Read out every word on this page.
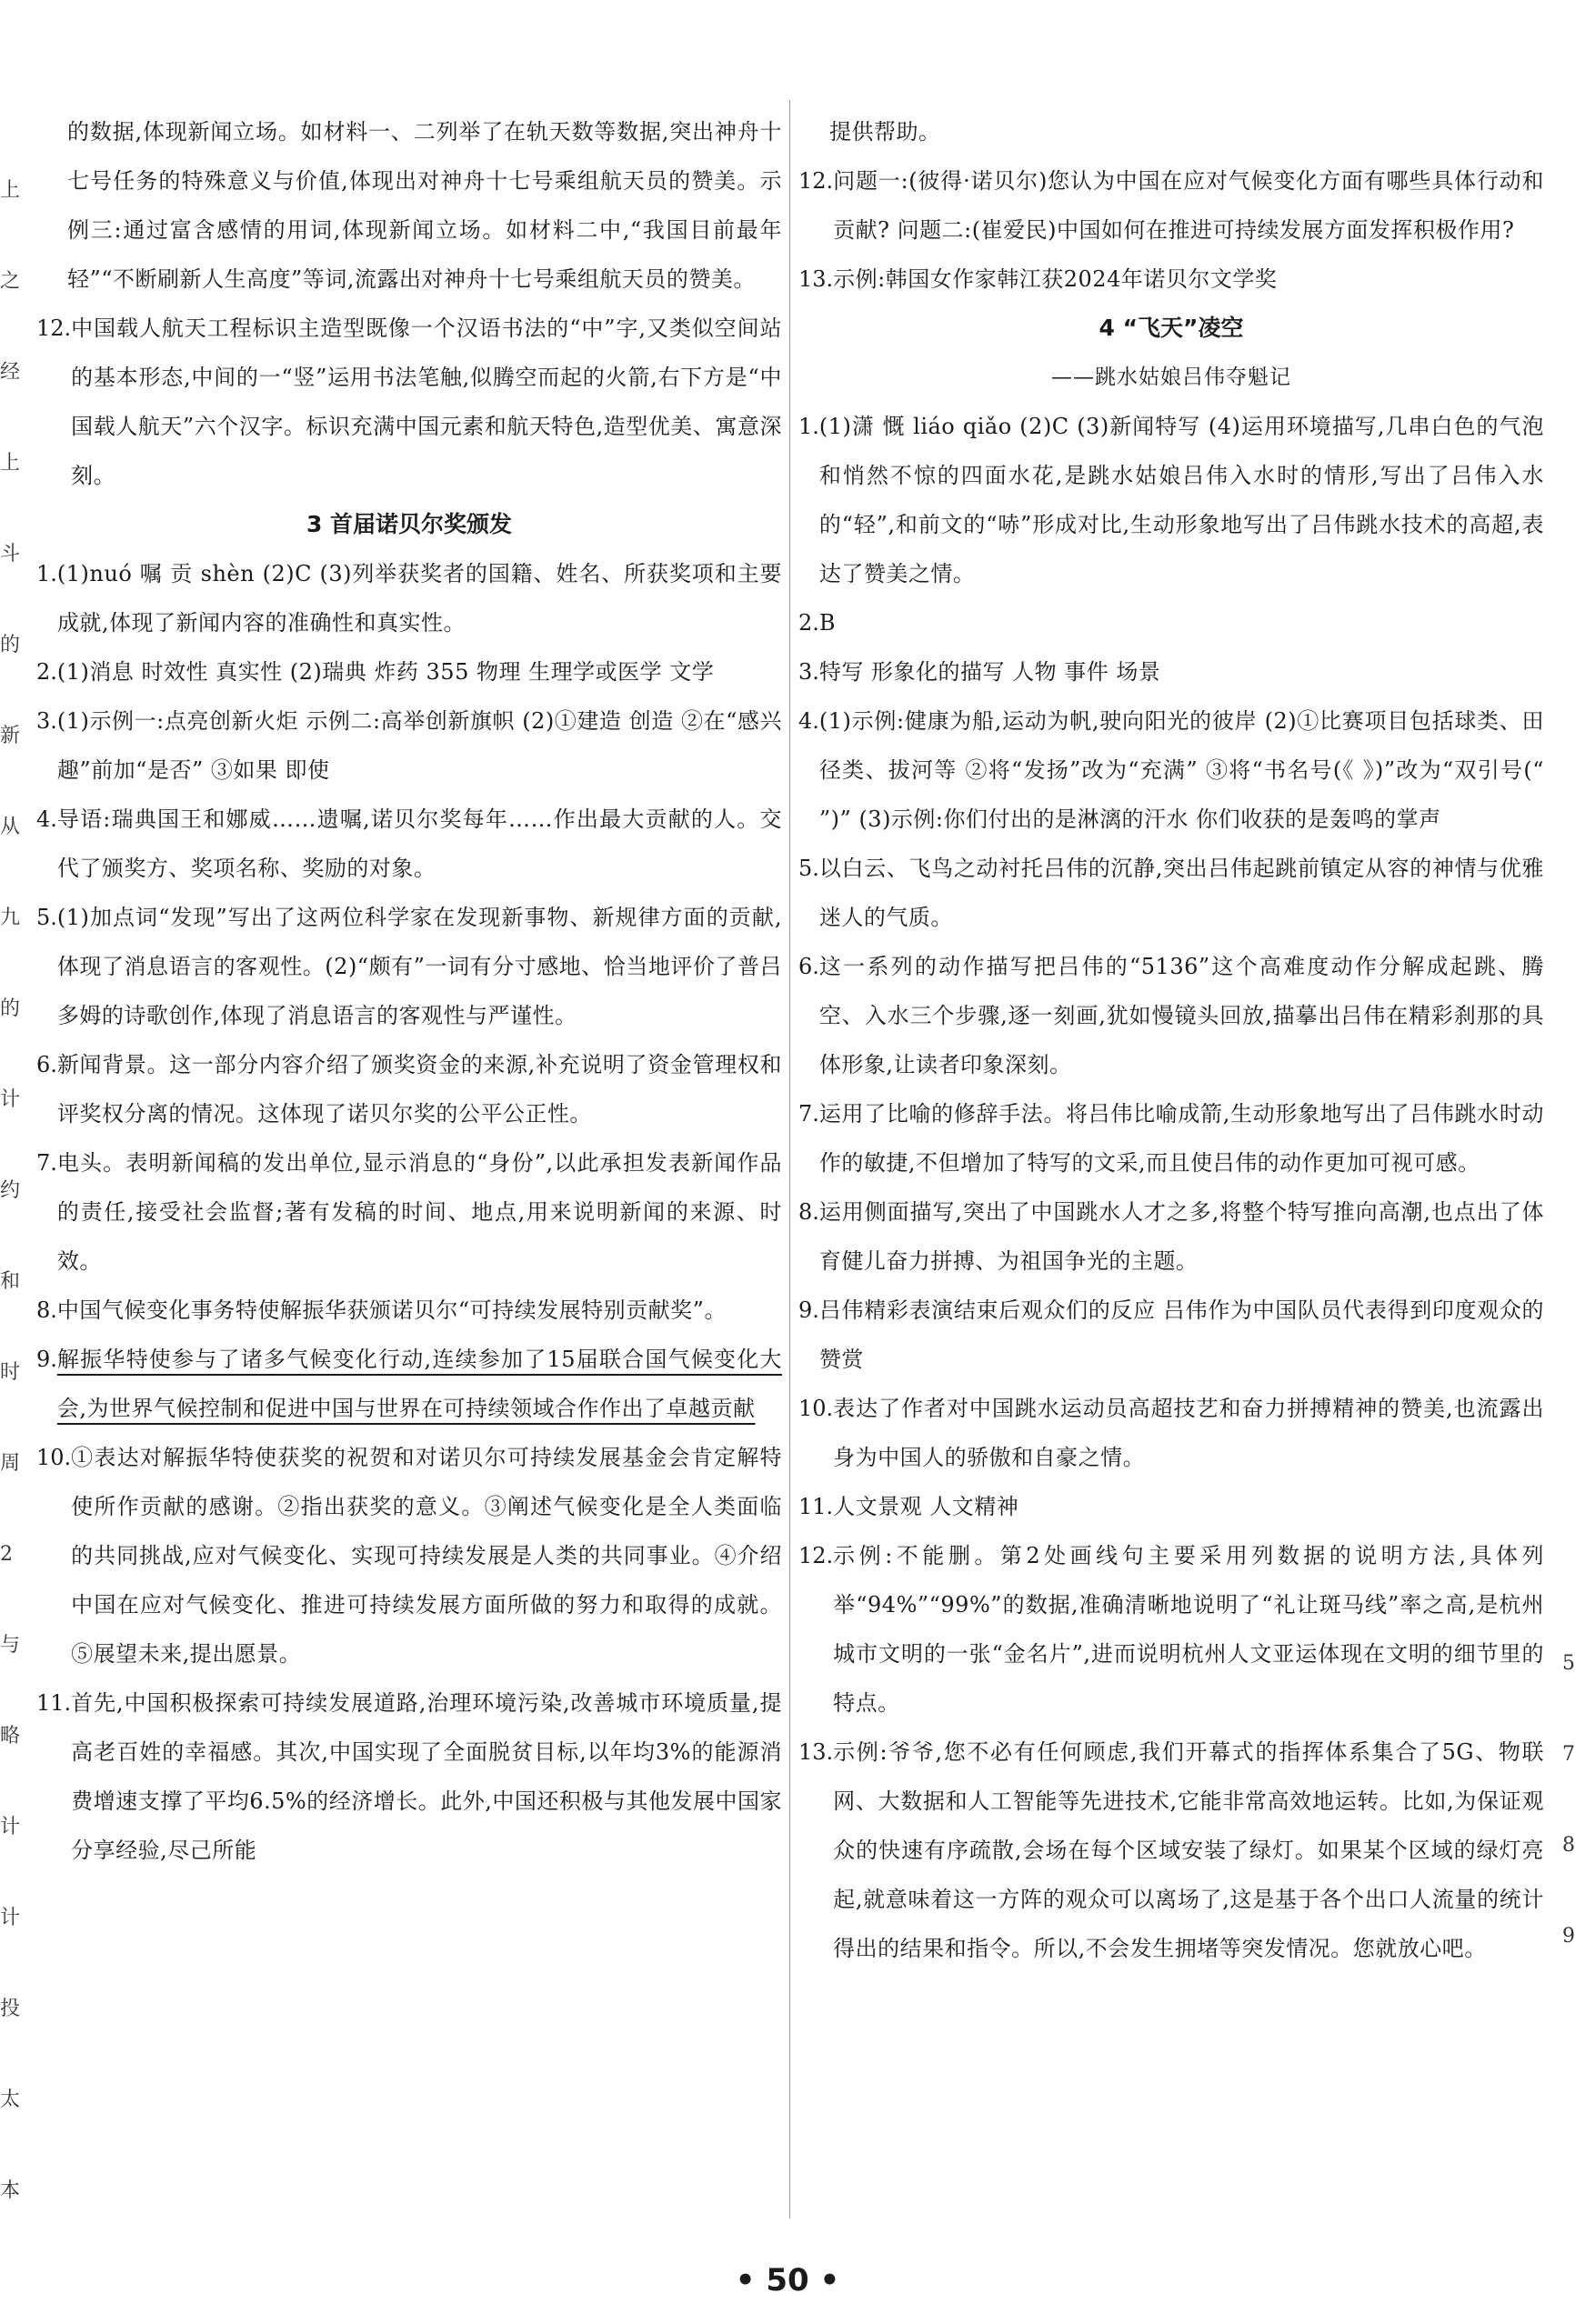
上
之
经
上
斗
的
新
从
九
的
计
约
和
时
周
2
与
略
计
计
投
太
本
5
7
8
9

的数据,体现新闻立场。如材料一、二列举了在轨天数等数据,突出神舟十七号任务的特殊意义与价值,体现出对神舟十七号乘组航天员的赞美。示例三:通过富含感情的用词,体现新闻立场。如材料二中,“我国目前最年轻”“不断刷新人生高度”等词,流露出对神舟十七号乘组航天员的赞美。

12. 中国载人航天工程标识主造型既像一个汉语书法的“中”字,又类似空间站的基本形态,中间的一“竖”运用书法笔触,似腾空而起的火箭,右下方是“中国载人航天”六个汉字。标识充满中国元素和航天特色,造型优美、寓意深刻。

3 首届诺贝尔奖颁发

1. (1)nuó 嘱 贡 shèn (2)C (3)列举获奖者的国籍、姓名、所获奖项和主要成就,体现了新闻内容的准确性和真实性。

2. (1)消息 时效性 真实性 (2)瑞典 炸药 355 物理 生理学或医学 文学

3. (1)示例一:点亮创新火炬 示例二:高举创新旗帜 (2)①建造 创造 ②在“感兴趣”前加“是否” ③如果 即使

4. 导语:瑞典国王和娜威……遗嘱,诺贝尔奖每年……作出最大贡献的人。交代了颁奖方、奖项名称、奖励的对象。

5. (1)加点词“发现”写出了这两位科学家在发现新事物、新规律方面的贡献,体现了消息语言的客观性。(2)“颇有”一词有分寸感地、恰当地评价了普吕多姆的诗歌创作,体现了消息语言的客观性与严谨性。

6. 新闻背景。这一部分内容介绍了颁奖资金的来源,补充说明了资金管理权和评奖权分离的情况。这体现了诺贝尔奖的公平公正性。

7. 电头。表明新闻稿的发出单位,显示消息的“身份”,以此承担发表新闻作品的责任,接受社会监督;著有发稿的时间、地点,用来说明新闻的来源、时效。

8. 中国气候变化事务特使解振华获颁诺贝尔“可持续发展特别贡献奖”。

9. 解振华特使参与了诸多气候变化行动,连续参加了15届联合国气候变化大会,为世界气候控制和促进中国与世界在可持续领域合作作出了卓越贡献

10. ①表达对解振华特使获奖的祝贺和对诺贝尔可持续发展基金会肯定解特使所作贡献的感谢。②指出获奖的意义。③阐述气候变化是全人类面临的共同挑战,应对气候变化、实现可持续发展是人类的共同事业。④介绍中国在应对气候变化、推进可持续发展方面所做的努力和取得的成就。⑤展望未来,提出愿景。

11. 首先,中国积极探索可持续发展道路,治理环境污染,改善城市环境质量,提高老百姓的幸福感。其次,中国实现了全面脱贫目标,以年均3%的能源消费增速支撑了平均6.5%的经济增长。此外,中国还积极与其他发展中国家分享经验,尽己所能

提供帮助。

12. 问题一:(彼得·诺贝尔)您认为中国在应对气候变化方面有哪些具体行动和贡献? 问题二:(崔爱民)中国如何在推进可持续发展方面发挥积极作用?

13. 示例:韩国女作家韩江获2024年诺贝尔文学奖

4 “飞天”凌空

——跳水姑娘吕伟夺魁记

1. (1)潇 慨 liáo qiǎo (2)C (3)新闻特写 (4)运用环境描写,几串白色的气泡和悄然不惊的四面水花,是跳水姑娘吕伟入水时的情形,写出了吕伟入水的“轻”,和前文的“哧”形成对比,生动形象地写出了吕伟跳水技术的高超,表达了赞美之情。

2. B

3. 特写 形象化的描写 人物 事件 场景

4. (1)示例:健康为船,运动为帆,驶向阳光的彼岸 (2)①比赛项目包括球类、田径类、拔河等 ②将“发扬”改为“充满” ③将“书名号(《 》)”改为“双引号(“ ”)” (3)示例:你们付出的是淋漓的汗水 你们收获的是轰鸣的掌声

5. 以白云、飞鸟之动衬托吕伟的沉静,突出吕伟起跳前镇定从容的神情与优雅迷人的气质。

6. 这一系列的动作描写把吕伟的“5136”这个高难度动作分解成起跳、腾空、入水三个步骤,逐一刻画,犹如慢镜头回放,描摹出吕伟在精彩刹那的具体形象,让读者印象深刻。

7. 运用了比喻的修辞手法。将吕伟比喻成箭,生动形象地写出了吕伟跳水时动作的敏捷,不但增加了特写的文采,而且使吕伟的动作更加可视可感。

8. 运用侧面描写,突出了中国跳水人才之多,将整个特写推向高潮,也点出了体育健儿奋力拼搏、为祖国争光的主题。

9. 吕伟精彩表演结束后观众们的反应 吕伟作为中国队员代表得到印度观众的赞赏

10. 表达了作者对中国跳水运动员高超技艺和奋力拼搏精神的赞美,也流露出身为中国人的骄傲和自豪之情。

11. 人文景观 人文精神

12. 示例:不能删。第2处画线句主要采用列数据的说明方法,具体列举“94%”“99%”的数据,准确清晰地说明了“礼让斑马线”率之高,是杭州城市文明的一张“金名片”,进而说明杭州人文亚运体现在文明的细节里的特点。

13. 示例:爷爷,您不必有任何顾虑,我们开幕式的指挥体系集合了5G、物联网、大数据和人工智能等先进技术,它能非常高效地运转。比如,为保证观众的快速有序疏散,会场在每个区域安装了绿灯。如果某个区域的绿灯亮起,就意味着这一方阵的观众可以离场了,这是基于各个出口人流量的统计得出的结果和指令。所以,不会发生拥堵等突发情况。您就放心吧。

• 50 •
